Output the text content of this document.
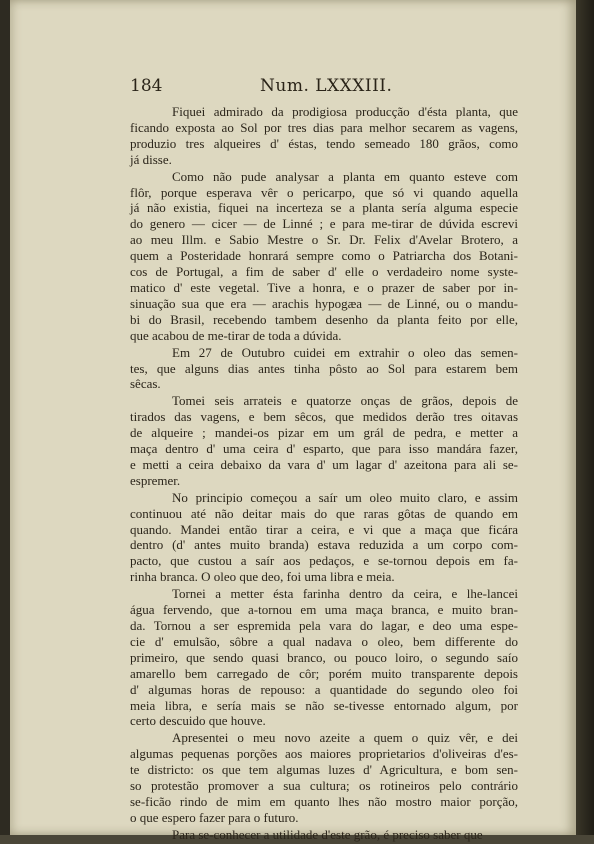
184	Num. LXXXIII.

Fiquei admirado da prodigiosa producção d'ésta planta, que
ficando exposta ao Sol por tres dias para melhor secarem as vagens,
produzio tres alqueires d' éstas, tendo semeado 180 grãos, como
já disse.

Como não pude analysar a planta em quanto esteve com
flôr, porque esperava vêr o pericarpo, que só vi quando aquella
já não existia, fiquei na incerteza se a planta sería alguma especie
do genero — cicer — de Linné ; e para me-tirar de dúvida escrevi
ao meu Illm. e Sabio Mestre o Sr. Dr. Felix d'Avelar Brotero, a
quem a Posteridade honrará sempre como o Patriarcha dos Botani-
cos de Portugal, a fim de saber d' elle o verdadeiro nome syste-
matico d' este vegetal. Tive a honra, e o prazer de saber por in-
sinuação sua que era — arachis hypogæa — de Linné, ou o mandu-
bi do Brasil, recebendo tambem desenho da planta feito por elle,
que acabou de me-tirar de toda a dúvida.

Em 27 de Outubro cuidei em extrahir o oleo das semen-
tes, que alguns dias antes tinha pôsto ao Sol para estarem bem
sêcas.

Tomei seis arrateis e quatorze onças de grãos, depois de
tirados das vagens, e bem sêcos, que medidos derão tres oitavas
de alqueire ; mandei-os pizar em um grál de pedra, e metter a
maça dentro d' uma ceira d' esparto, que para isso mandára fazer,
e metti a ceira debaixo da vara d' um lagar d' azeitona para ali se-
espremer.

No principio começou a saír um oleo muito claro, e assim
continuou até não deitar mais do que raras gôtas de quando em
quando. Mandei então tirar a ceira, e vi que a maça que ficára
dentro (d' antes muito branda) estava reduzida a um corpo com-
pacto, que custou a saír aos pedaços, e se-tornou depois em fa-
rinha branca. O oleo que deo, foi uma libra e meia.

Tornei a metter ésta farinha dentro da ceira, e lhe-lancei
água fervendo, que a-tornou em uma maça branca, e muito bran-
da. Tornou a ser espremida pela vara do lagar, e deo uma espe-
cie d' emulsão, sôbre a qual nadava o oleo, bem differente do
primeiro, que sendo quasi branco, ou pouco loiro, o segundo saío
amarello bem carregado de côr; porém muito transparente depois
d' algumas horas de repouso: a quantidade do segundo oleo foi
meia libra, e sería mais se não se-tivesse entornado algum, por
certo descuido que houve.

Apresentei o meu novo azeite a quem o quiz vêr, e dei
algumas pequenas porções aos maiores proprietarios d'oliveiras d'es-
te districto: os que tem algumas luzes d' Agricultura, e bom sen-
so protestão promover a sua cultura; os rotineiros pelo contrário
se-ficão rindo de mim em quanto lhes não mostro maior porção,
o que espero fazer para o futuro.

Para se-conhecer a utilidade d'este grão, é preciso saber que
